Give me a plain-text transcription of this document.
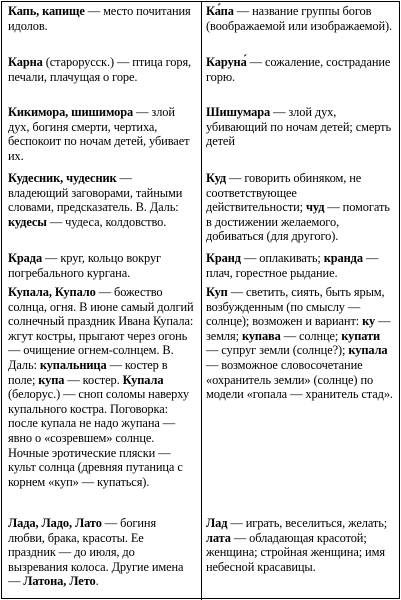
Капь, капище — место почитания идолов.

Ка́па — название группы богов (воображаемой или изображаемой).

Карна (старорусск.) — птица горя, печали, плачущая о горе.

Каруна́ — сожаление, сострадание горю.

Кикимора, шишимора — злой дух, богиня смерти, чертиха, беспокоит по ночам детей, убивает их.

Шишумара — злой дух, убивающий по ночам детей; смерть детей

Кудесник, чудесник — владеющий заговорами, тайными словами, предсказатель. В. Даль: кудесы — чудеса, колдовство.

Куд — говорить обиняком, не соответствующее действительности; чуд — помогать в достижении желаемого, добиваться (для другого).

Крада — круг, кольцо вокруг погребального кургана.

Кранд — оплакивать; кранда — плач, горестное рыдание.

Купала, Купало — божество солнца, огня. В июне самый долгий солнечный праздник Ивана Купала: жгут костры, прыгают через огонь — очищение огнем-солнцем. В. Даль: купальница — костер в поле; купа — костер. Купала (белорус.) — сноп соломы наверху купального костра. Поговорка: после купала не надо жупана — явно о «созревшем» солнце. Ночные эротические пляски — культ солнца (древняя путаница с корнем «куп» — купаться).

Куп — светить, сиять, быть ярым, возбужденным (по смыслу — солнце); возможен и вариант: ку — земля; купава — солнце; купати — супруг земли (солнце?); купала — возможное словосочетание «охранитель земли» (солнце) по модели «гопала — хранитель стад».

Лада, Ладо, Лато — богиня любви, брака, красоты. Ее праздник — до июля, до вызревания колоса. Другие имена — Латона, Лето.

Лад — играть, веселиться, желать; лата — обладающая красотой; женщина; стройная женщина; имя небесной красавицы.
